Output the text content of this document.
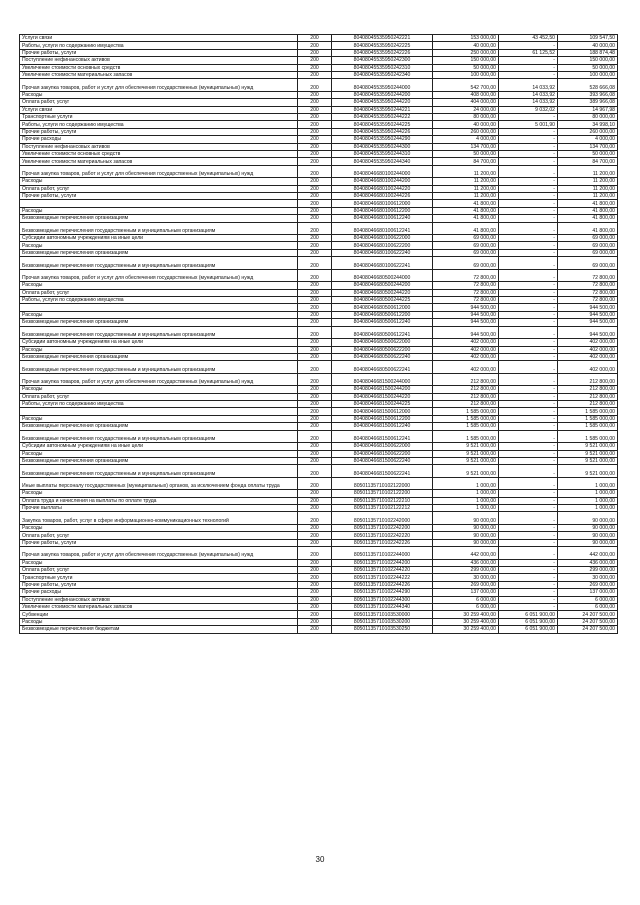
Услуги связи	200	80408045535950242221	153 000,00	43 452,50	109 547,50
Работы, услуги по содержанию имущества	200	80408045535950242225	40 000,00	-	40 000,00
Прочие работы, услуги	200	80408045535950242226	250 000,00	61 125,52	188 874,48
Поступление нефинансовых активов	200	80408045535950242300	150 000,00	-	150 000,00
Увеличение стоимости основных средств	200	80408045535950242310	50 000,00	-	50 000,00
Увеличение стоимости материальных запасов	200	80408045535950242340	100 000,00	-	100 000,00
Прочая закупка товаров, работ и услуг для обеспечения государственных (муниципальных) нужд	200	80408045535950244000	542 700,00	14 033,92	528 666,08
Расходы	200	80408045535950244200	408 000,00	14 033,92	393 966,08
Оплата работ, услуг	200	80408045535950244220	404 000,00	14 033,92	389 966,08
Услуги связи	200	80408045535950244221	24 000,00	9 032,02	14 967,98
Транспортные услуги	200	80408045535950244222	80 000,00	-	80 000,00
Работы, услуги по содержанию имущества	200	80408045535950244225	40 000,00	5 001,90	34 998,10
Прочие работы, услуги	200	80408045535950244226	260 000,00	-	260 000,00
Прочие расходы	200	80408045535950244290	4 000,00	-	4 000,00
Поступление нефинансовых активов	200	80408045535950244300	134 700,00	-	134 700,00
Увеличение стоимости основных средств	200	80408045535950244310	50 000,00	-	50 000,00
Увеличение стоимости материальных запасов	200	80408045535950244340	84 700,00	-	84 700,00
Прочая закупка товаров, работ и услуг для обеспечения государственных (муниципальных) нужд	200	80408046680100244000	11 200,00	-	11 200,00
Расходы	200	80408046680100244200	11 200,00	-	11 200,00
Оплата работ, услуг	200	80408046680100244220	11 200,00	-	11 200,00
Прочие работы, услуги	200	80408046680100244226	11 200,00	-	11 200,00
	200	80408046680100612000	41 800,00	-	41 800,00
Расходы	200	80408046680100612200	41 800,00	-	41 800,00
Безвозмездные перечисления организациям	200	80408046680100612240	41 800,00	-	41 800,00
Безвозмездные перечисления государственным и муниципальным организациям	200	80408046680100612241	41 800,00	-	41 800,00
Субсидии автономным учреждениям на иные цели	200	80408046680100622000	69 000,00	-	69 000,00
Расходы	200	80408046680100622200	69 000,00	-	69 000,00
Безвозмездные перечисления организациям	200	80408046680100622240	69 000,00	-	69 000,00
Безвозмездные перечисления государственным и муниципальным организациям	200	80408046680100622241	69 000,00	-	69 000,00
Прочая закупка товаров, работ и услуг для обеспечения государственных (муниципальных) нужд	200	80408046680500244000	72 800,00	-	72 800,00
Расходы	200	80408046680500244200	72 800,00	-	72 800,00
Оплата работ, услуг	200	80408046680500244220	72 800,00	-	72 800,00
Работы, услуги по содержанию имущества	200	80408046680500244225	72 800,00	-	72 800,00
	200	80408046680500612000	944 500,00	-	944 500,00
Расходы	200	80408046680500612200	944 500,00	-	944 500,00
Безвозмездные перечисления организациям	200	80408046680500612240	944 500,00	-	944 500,00
Безвозмездные перечисления государственным и муниципальным организациям	200	80408046680500612241	944 500,00	-	944 500,00
Субсидии автономным учреждениям на иные цели	200	80408046680500622000	402 000,00	-	402 000,00
Расходы	200	80408046680500622200	402 000,00	-	402 000,00
Безвозмездные перечисления организациям	200	80408046680500622240	402 000,00	-	402 000,00
Безвозмездные перечисления государственным и муниципальным организациям	200	80408046680500622241	402 000,00	-	402 000,00
Прочая закупка товаров, работ и услуг для обеспечения государственных (муниципальных) нужд	200	80408046681500244000	212 800,00	-	212 800,00
Расходы	200	80408046681500244200	212 800,00	-	212 800,00
Оплата работ, услуг	200	80408046681500244220	212 800,00	-	212 800,00
Работы, услуги по содержанию имущества	200	80408046681500244225	212 800,00	-	212 800,00
	200	80408046681500612000	1 585 000,00	-	1 585 000,00
Расходы	200	80408046681500612200	1 585 000,00	-	1 585 000,00
Безвозмездные перечисления организациям	200	80408046681500612240	1 585 000,00	-	1 585 000,00
Безвозмездные перечисления государственным и муниципальным организациям	200	80408046681500612241	1 585 000,00	-	1 585 000,00
Субсидии автономным учреждениям на иные цели	200	80408046681500622000	9 521 000,00	-	9 521 000,00
Расходы	200	80408046681500622200	9 521 000,00	-	9 521 000,00
Безвозмездные перечисления организациям	200	80408046681500622240	9 521 000,00	-	9 521 000,00
Безвозмездные перечисления государственным и муниципальным организациям	200	80408046681500622241	9 521 000,00	-	9 521 000,00
Иные выплаты персоналу государственных (муниципальных) органов, за исключением фонда оплаты труда	200	80501135710102122000	1 000,00	-	1 000,00
Расходы	200	80501135710102122200	1 000,00	-	1 000,00
Оплата труда и начисления на выплаты по оплате труда	200	80501135710102122210	1 000,00	-	1 000,00
Прочие выплаты	200	80501135710102122212	1 000,00	-	1 000,00
Закупка товаров, работ, услуг в сфере информационно-коммуникационных технологий	200	80501135710102242000	90 000,00	-	90 000,00
Расходы	200	80501135710102242200	90 000,00	-	90 000,00
Оплата работ, услуг	200	80501135710102242220	90 000,00	-	90 000,00
Прочие работы, услуги	200	80501135710102242226	90 000,00	-	90 000,00
Прочая закупка товаров, работ и услуг для обеспечения государственных (муниципальных) нужд	200	80501135710102244000	442 000,00	-	442 000,00
Расходы	200	80501135710102244200	436 000,00	-	436 000,00
Оплата работ, услуг	200	80501135710102244220	299 000,00	-	299 000,00
Транспортные услуги	200	80501135710102244222	30 000,00	-	30 000,00
Прочие работы, услуги	200	80501135710102244226	269 000,00	-	269 000,00
Прочие расходы	200	80501135710102244290	137 000,00	-	137 000,00
Поступление нефинансовых активов	200	80501135710102244300	6 000,00	-	6 000,00
Увеличение стоимости материальных запасов	200	80501135710102244340	6 000,00	-	6 000,00
Субвенции	200	80501135710103530000	30 259 400,00	6 051 900,00	24 207 500,00
Расходы	200	80501135710103530200	30 259 400,00	6 051 900,00	24 207 500,00
Безвозмездные перечисления бюджетам	200	80501135710103530250	30 259 400,00	6 051 900,00	24 207 500,00
30
